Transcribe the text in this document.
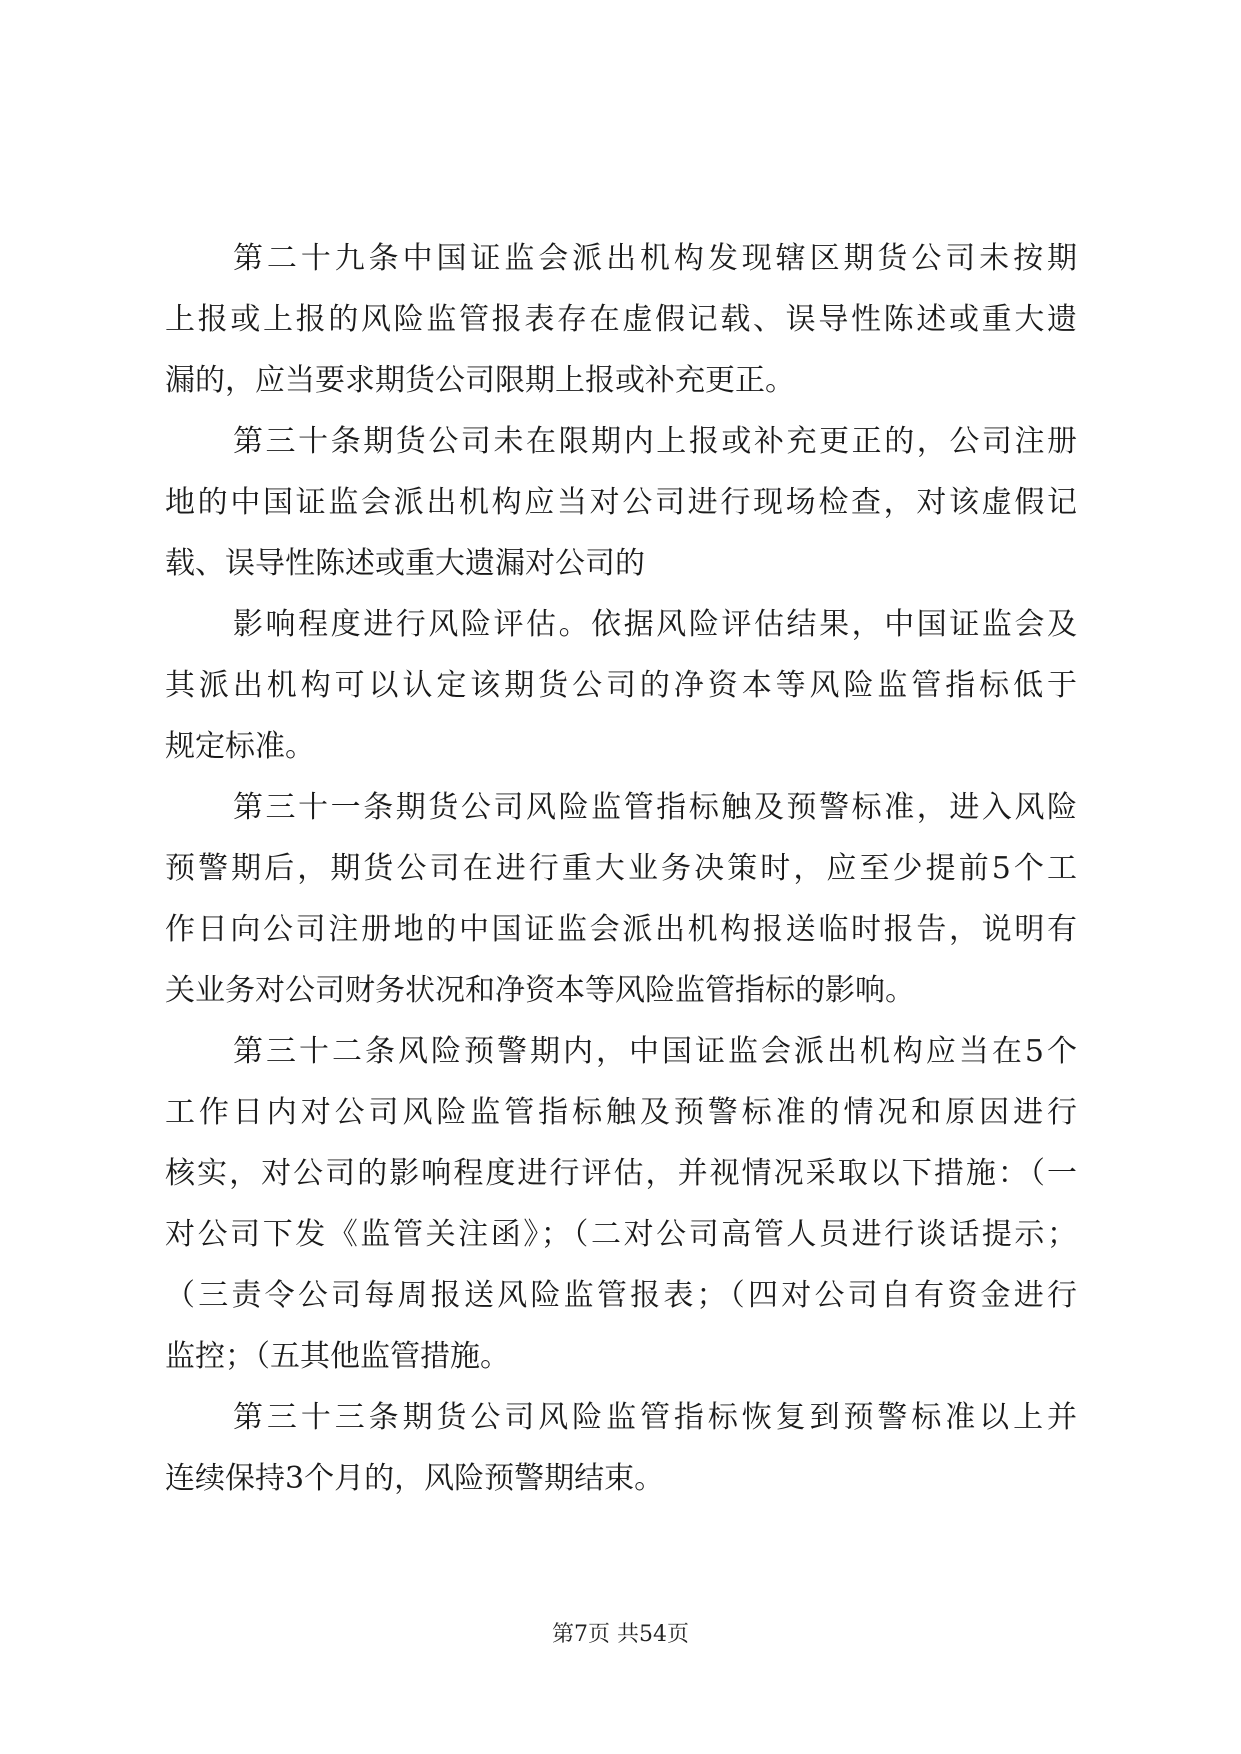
第二十九条中国证监会派出机构发现辖区期货公司未按期
上报或上报的风险监管报表存在虚假记载、误导性陈述或重大遗
漏的，应当要求期货公司限期上报或补充更正。
第三十条期货公司未在限期内上报或补充更正的，公司注册
地的中国证监会派出机构应当对公司进行现场检查，对该虚假记
载、误导性陈述或重大遗漏对公司的
影响程度进行风险评估。依据风险评估结果，中国证监会及
其派出机构可以认定该期货公司的净资本等风险监管指标低于
规定标准。
第三十一条期货公司风险监管指标触及预警标准，进入风险
预警期后，期货公司在进行重大业务决策时，应至少提前5个工
作日向公司注册地的中国证监会派出机构报送临时报告，说明有
关业务对公司财务状况和净资本等风险监管指标的影响。
第三十二条风险预警期内，中国证监会派出机构应当在5个
工作日内对公司风险监管指标触及预警标准的情况和原因进行
核实，对公司的影响程度进行评估，并视情况采取以下措施：（一
对公司下发《监管关注函》；（二对公司高管人员进行谈话提示；
（三责令公司每周报送风险监管报表；（四对公司自有资金进行
监控；（五其他监管措施。
第三十三条期货公司风险监管指标恢复到预警标准以上并
连续保持3个月的，风险预警期结束。
第7页 共54页
